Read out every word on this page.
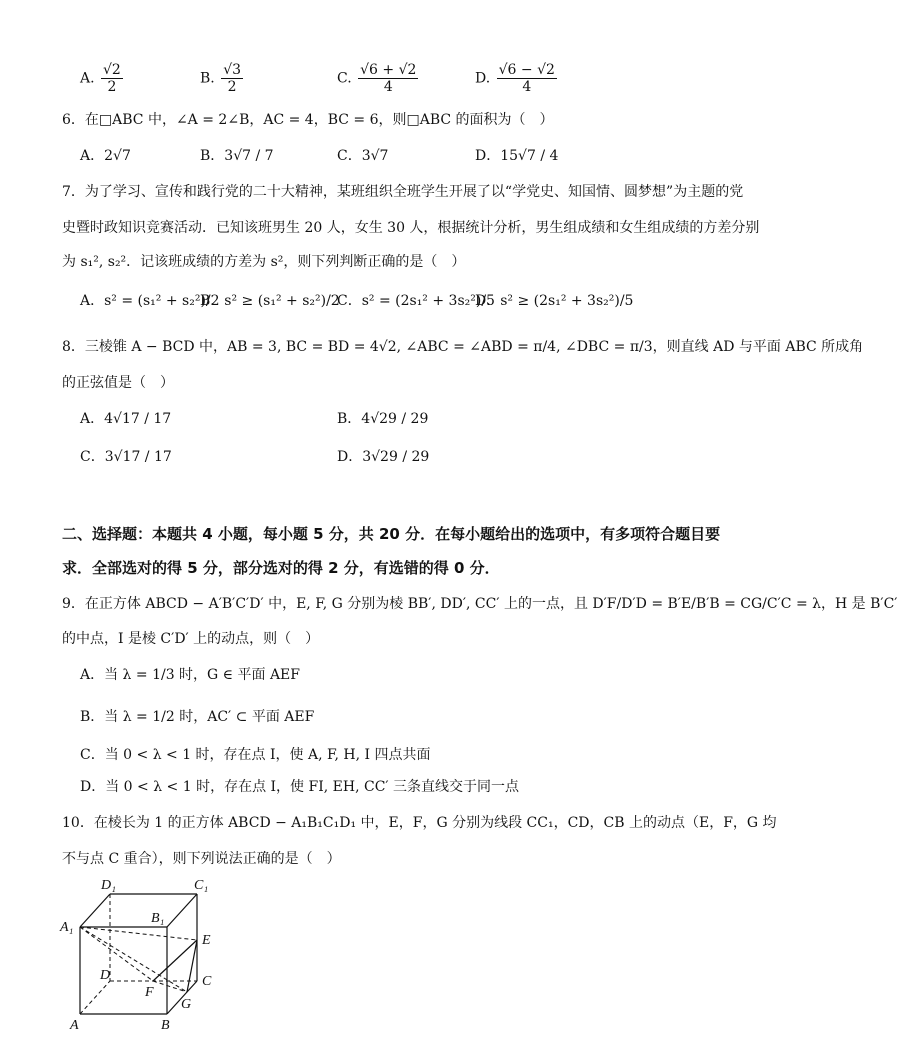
A. $\frac{√2}{2}$	B. $\frac{√3}{2}$	C. $\frac{√6 + √2}{4}$	D. $\frac{√6 - √2}{4}$
6．在□ABC 中，∠A = 2∠B，AC = 4，BC = 6，则□ABC 的面积为（　）
A．2√7	B．3√7 / 7	C．3√7	D．15√7 / 4
7．为了学习、宣传和践行党的二十大精神，某班组织全班学生开展了以“学党史、知国情、圆梦想”为主题的党
史暨时政知识竞赛活动．已知该班男生 20 人，女生 30 人，根据统计分析，男生组成绩和女生组成绩的方差分别
为 s₁², s₂²．记该班成绩的方差为 s²，则下列判断正确的是（　）
A．s² = (s₁² + s₂²)/2
B．s² ≥ (s₁² + s₂²)/2
C．s² = (2s₁² + 3s₂²)/5
D．s² ≥ (2s₁² + 3s₂²)/5
8．三棱锥 A − BCD 中，AB = 3, BC = BD = 4√2, ∠ABC = ∠ABD = π/4, ∠DBC = π/3，则直线 AD 与平面 ABC 所成角
的正弦值是（　）
A．4√17 / 17	B．4√29 / 29
C．3√17 / 17	D．3√29 / 29
二、选择题：本题共 4 小题，每小题 5 分，共 20 分．在每小题给出的选项中，有多项符合题目要
求．全部选对的得 5 分，部分选对的得 2 分，有选错的得 0 分．
9．在正方体 ABCD − A′B′C′D′ 中，E, F, G 分别为棱 BB′, DD′, CC′ 上的一点，且 D′F/D′D = B′E/B′B = CG/C′C = λ，H 是 B′C′
的中点，I 是棱 C′D′ 上的动点，则（　）
A．当 λ = 1/3 时，G ∈ 平面 AEF
B．当 λ = 1/2 时，AC′ ⊂ 平面 AEF
C．当 0 < λ < 1 时，存在点 I，使 A, F, H, I 四点共面
D．当 0 < λ < 1 时，存在点 I，使 FI, EH, CC′ 三条直线交于同一点
10．在棱长为 1 的正方体 ABCD − A₁B₁C₁D₁ 中，E，F，G 分别为线段 CC₁，CD，CB 上的动点（E，F，G 均
不与点 C 重合），则下列说法正确的是（　）
D₁	C₁
B₁
A₁
E
D	C
F
G
A	B
